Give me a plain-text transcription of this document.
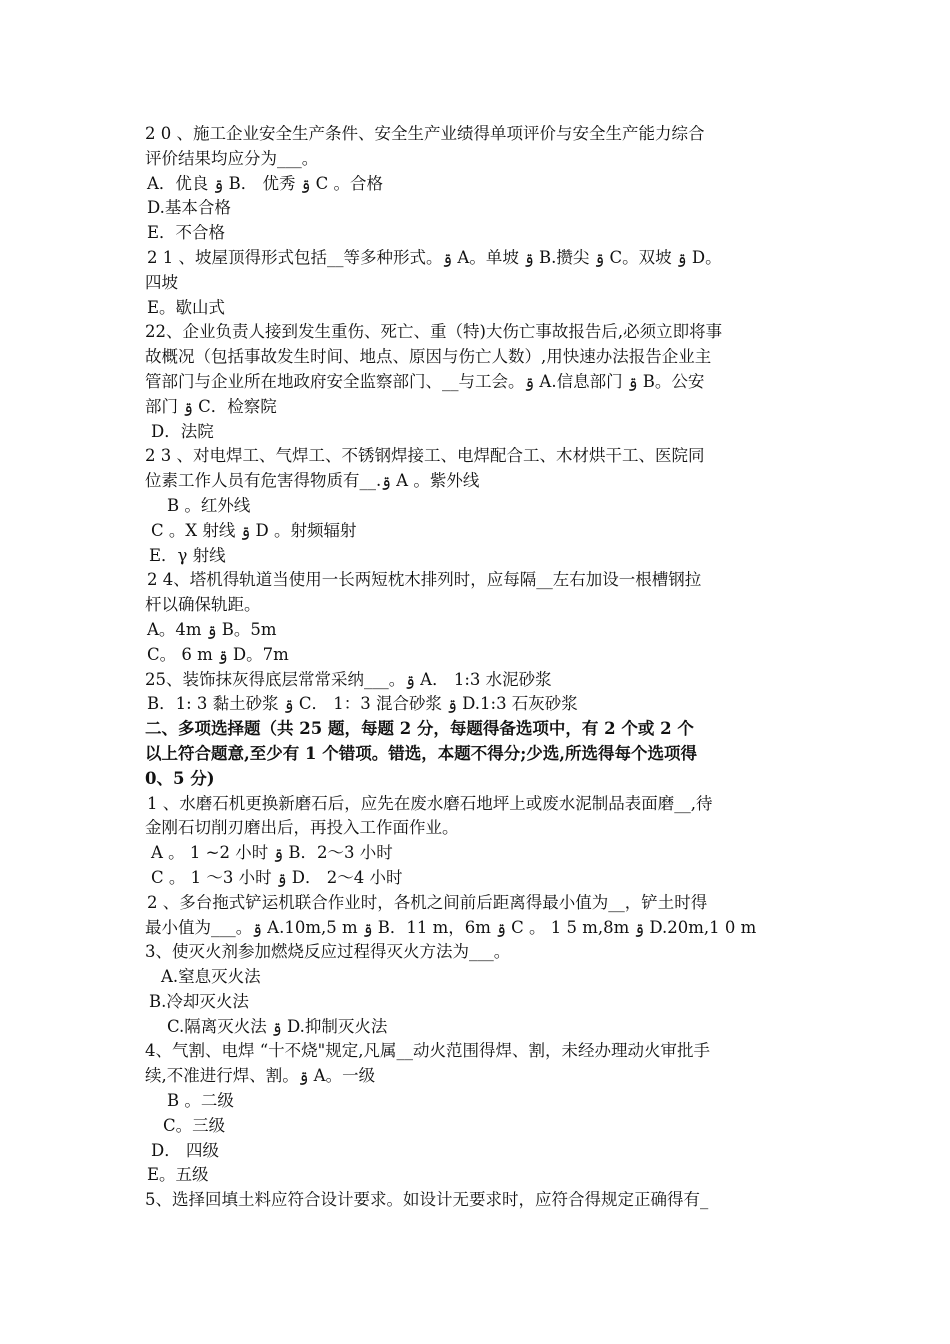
2 0 、施工企业安全生产条件、安全生产业绩得单项评价与安全生产能力综合
评价结果均应分为___。
A．优良 ۊ B． 优秀 ۊ C 。合格
D.基本合格
E．不合格
2 1 、坡屋顶得形式包括__等多种形式。ۊ A。单坡 ۊ B.攒尖 ۊ C。双坡 ۊ D。
四坡
E。歇山式
22、企业负责人接到发生重伤、死亡、重（特)大伤亡事故报告后,必须立即将事
故概况（包括事故发生时间、地点、原因与伤亡人数）,用快速办法报告企业主
管部门与企业所在地政府安全监察部门、__与工会。ۊ A.信息部门 ۊ B。公安
部门 ۊ C．检察院
D．法院
2 3 、对电焊工、气焊工、不锈钢焊接工、电焊配合工、木材烘干工、医院同
位素工作人员有危害得物质有__.ۊ A 。紫外线
B 。红外线
C 。X 射线 ۊ D 。射频辐射
E．γ 射线
2 4、塔机得轨道当使用一长两短枕木排列时，应每隔__左右加设一根槽钢拉
杆以确保轨距。
A。4m ۊ B。5m
C。 6 m ۊ D。7m
25、装饰抹灰得底层常常采纳___。ۊ A． 1:3 水泥砂浆
B．1: 3 黏土砂浆 ۊ C． 1：3 混合砂浆 ۊ D.1:3 石灰砂浆
二、多项选择题（共 25 题，每题 2 分，每题得备选项中，有 2 个或 2 个
以上符合题意,至少有 1 个错项。错选，本题不得分;少选,所选得每个选项得
0、5 分)
1 、水磨石机更换新磨石后，应先在废水磨石地坪上或废水泥制品表面磨__,待
金刚石切削刃磨出后，再投入工作面作业。
A 。 1 ~2 小时 ۊ B．2～3 小时
C 。 1 ～3 小时 ۊ D． 2～4 小时
2 、多台拖式铲运机联合作业时，各机之间前后距离得最小值为__，铲土时得
最小值为___。ۊ A.10m,5 m ۊ B．11 m，6m ۊ C 。 1 5 m,8m ۊ D.20m,1 0 m
3、使灭火剂参加燃烧反应过程得灭火方法为___。
A.窒息灭火法
B.冷却灭火法
C.隔离灭火法 ۊ D.抑制灭火法
4、气割、电焊 “十不烧"规定,凡属__动火范围得焊、割，未经办理动火审批手
续,不准进行焊、割。ۊ A。一级
B 。二级
C。三级
D． 四级
E。五级
5、选择回填土料应符合设计要求。如设计无要求时，应符合得规定正确得有_
